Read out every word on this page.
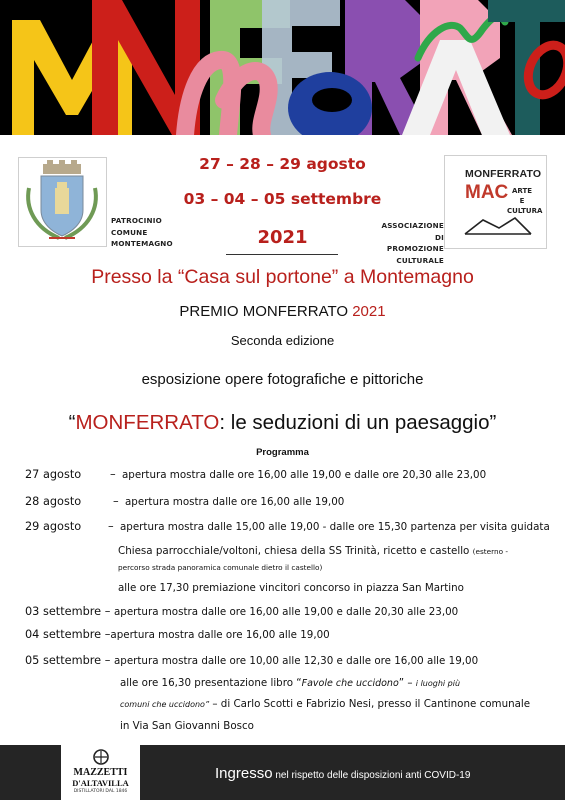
PATROCINIO
COMUNE
MONTEMAGNO
27 – 28 – 29 agosto
03 – 04 – 05 settembre
2021
ASSOCIAZIONE DI
PROMOZIONE
CULTURALE
MONFERRATO
MAC ARTE
E
CULTURA
Presso la “Casa sul portone” a Montemagno
PREMIO MONFERRATO 2021
Seconda edizione
esposizione opere fotografiche e pittoriche
“MONFERRATO: le seduzioni di un paesaggio”
Programma
27 agosto	– apertura mostra dalle ore 16,00 alle 19,00 e dalle ore 20,30 alle 23,00
28 agosto	– apertura mostra dalle ore 16,00 alle 19,00
29 agosto – apertura mostra dalle 15,00 alle 19,00 - dalle ore 15,30 partenza per visita guidata
Chiesa parrocchiale/voltoni, chiesa della SS Trinità, ricetto e castello (esterno -
percorso strada panoramica comunale dietro il castello)
alle ore 17,30 premiazione vincitori concorso in piazza San Martino
03 settembre – apertura mostra dalle ore 16,00 alle 19,00 e dalle 20,30 alle 23,00
04 settembre –apertura mostra dalle ore 16,00 alle 19,00
05 settembre – apertura mostra dalle ore 10,00 alle 12,30 e dalle ore 16,00 alle 19,00
alle ore 16,30 presentazione libro “Favole che uccidono” – i luoghi più
comuni che uccidono” – di Carlo Scotti e Fabrizio Nesi, presso il Cantinone comunale
in Via San Giovanni Bosco
MAZZETTI
D'ALTAVILLA
DISTILLATORI DAL 1846
Ingresso nel rispetto delle disposizioni anti COVID-19
